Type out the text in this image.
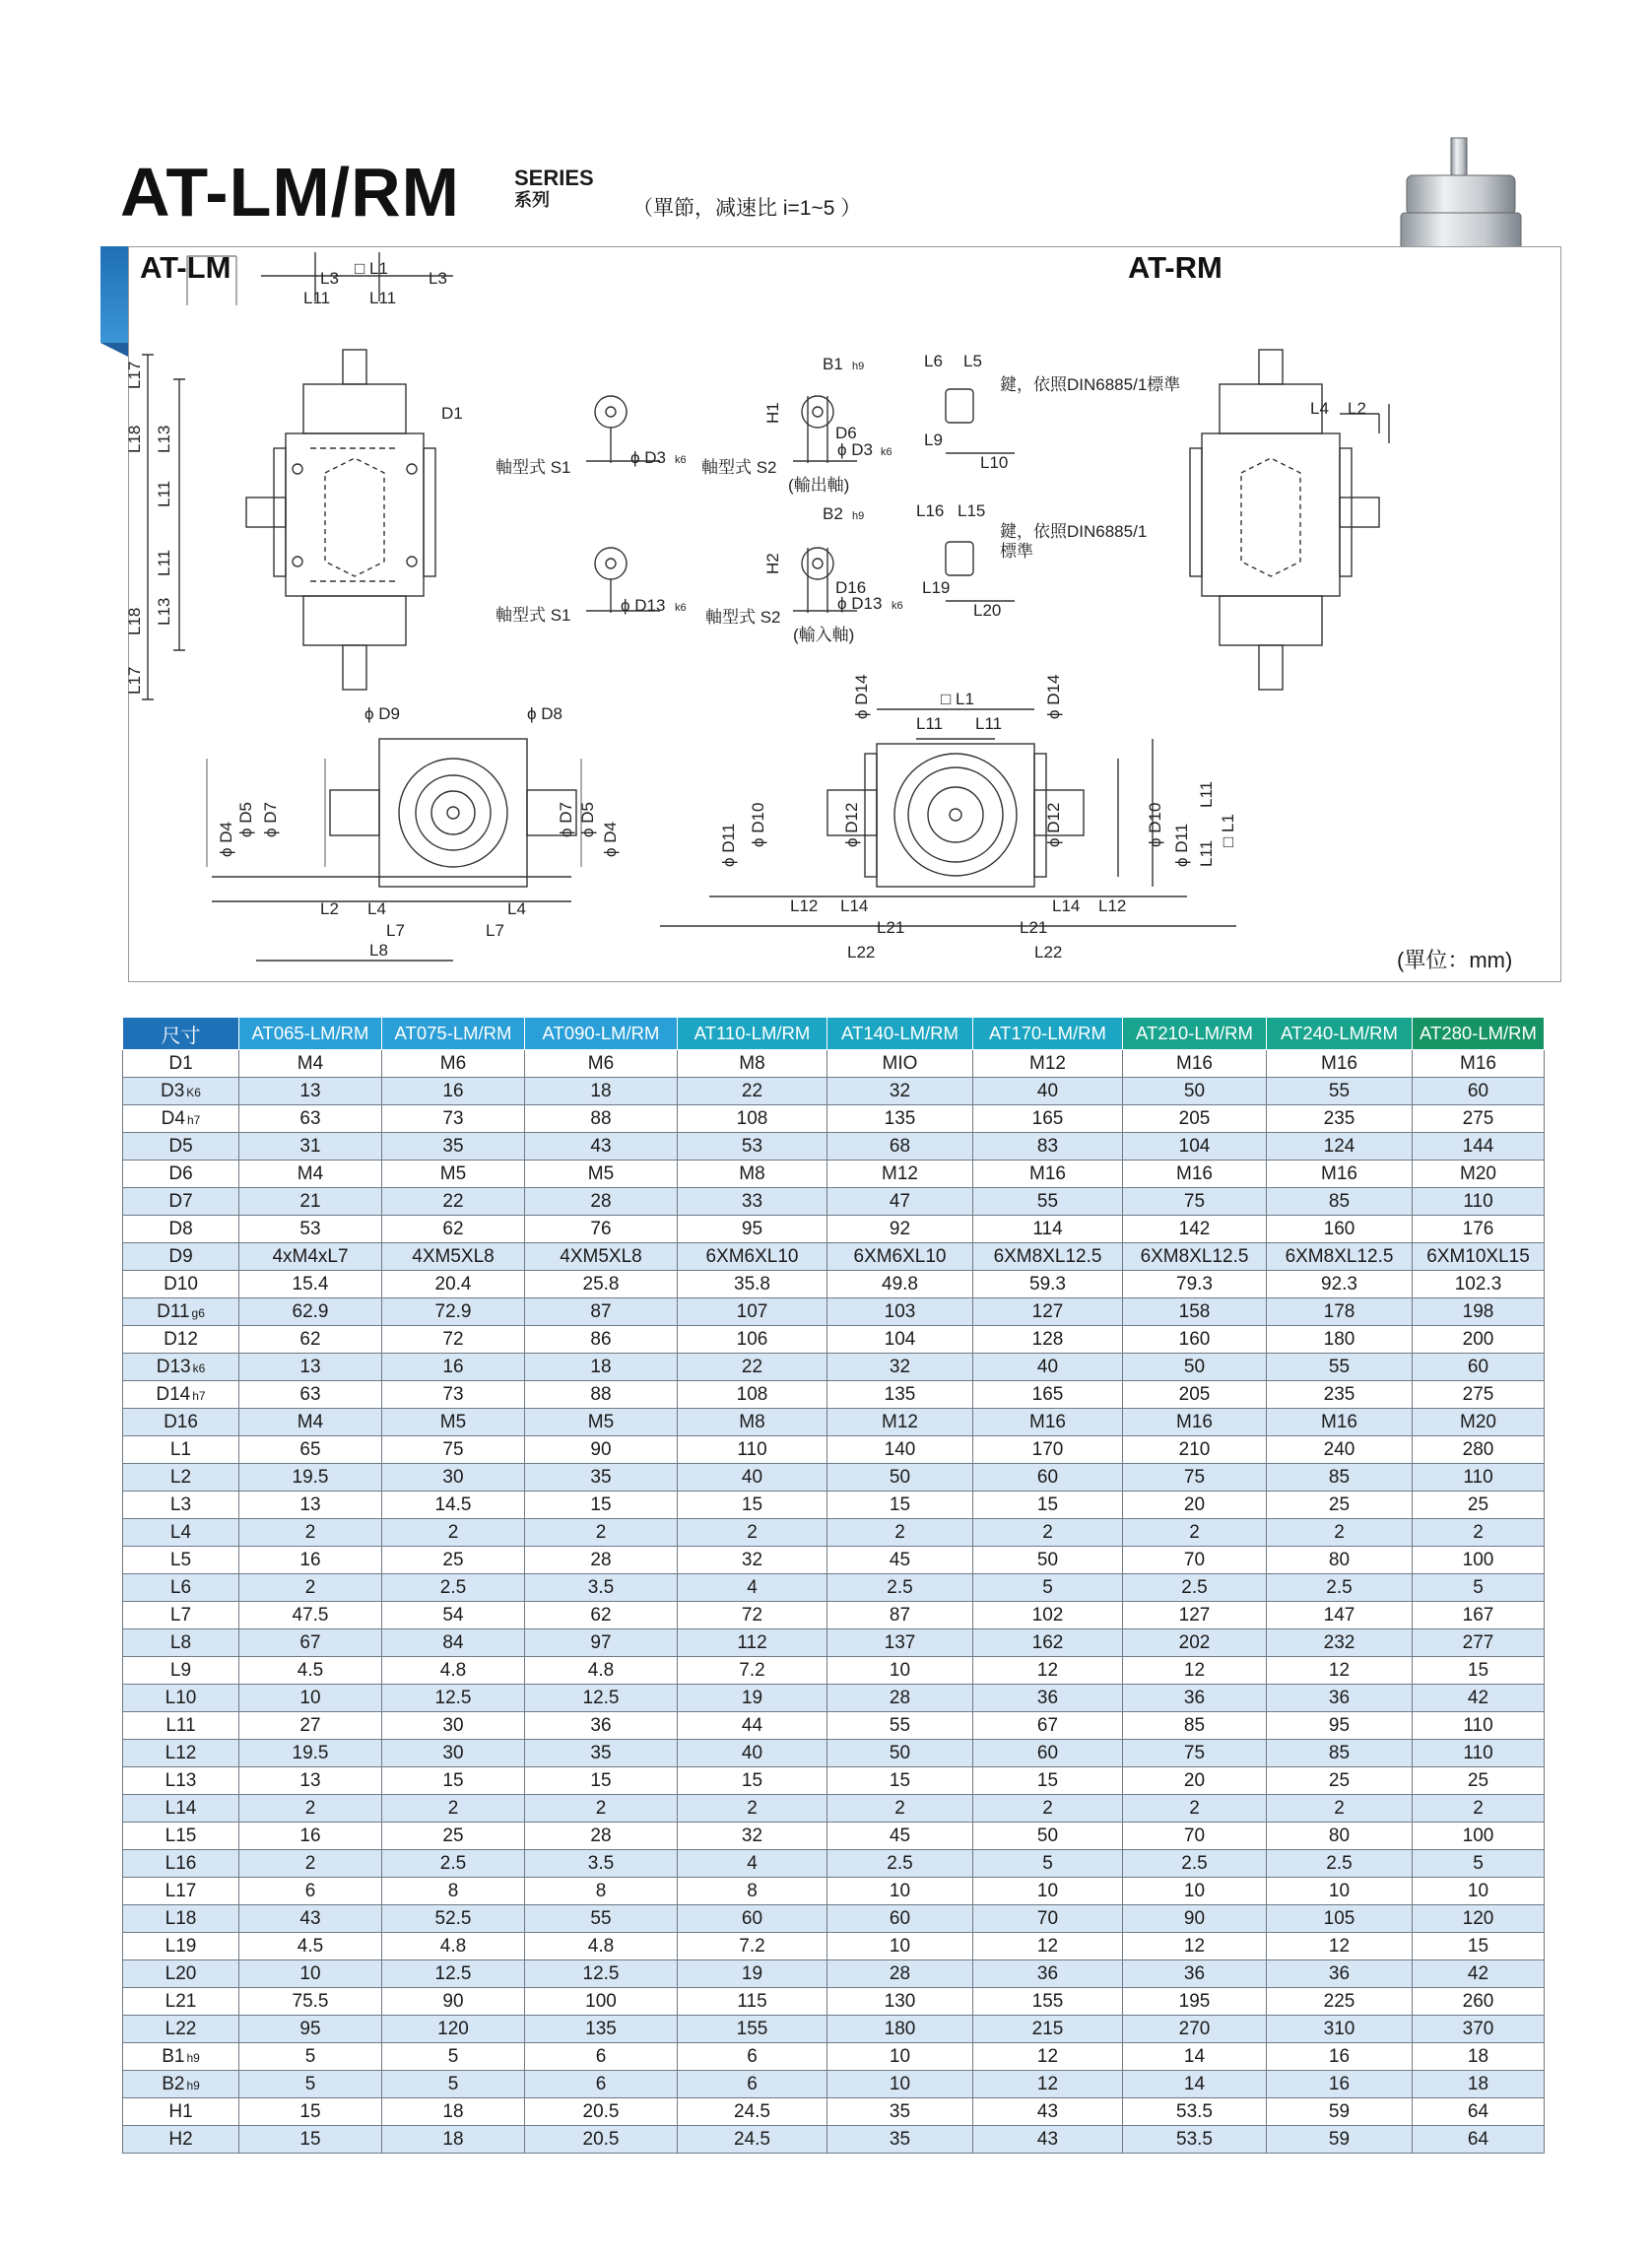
AT-LM/RM	SERIES
系列	（單節，减速比 i=1~5 ）
L3
□ L1
L3
L11 L11
L17
L18 L13
L11
L11
L13
L18
L17
D1
軸型式 S1
ϕ D3 k6 軸型式 S2
(輸出軸)
ϕ D3 k6
D6
B1 h9
H1
軸型式 S1
ϕ D13 k6 軸型式 S2
(輸入軸)
ϕ D13 k6
D16
B2 h9
H2
L6 L5
鍵，依照DIN6885/1標準
L9
L10
L16 L15
鍵，依照DIN6885/1
標準
L19
L20
L4 L2
ϕ D9	ϕ D8
ϕ D4
ϕ D5 ϕ D7	ϕ D7 ϕ D5
ϕ D4
L2 L4	L4
L7	L7
L8
□ L1
L11 L11
ϕ D14	ϕ D14
ϕ D11 ϕ D10	ϕ D12	ϕ D12	ϕ D10 ϕ D11
L11
L11
□ L1
L12 L14	L14 L12
L21	L21
L22	L22
AT-LM	AT-RM
(單位：mm)
尺寸	AT065-LM/RM	AT075-LM/RM	AT090-LM/RM	AT110-LM/RM	AT140-LM/RM	AT170-LM/RM	AT210-LM/RM	AT240-LM/RM	AT280-LM/RM
D1	M4	M6	M6	M8	MIO	M12	M16	M16	M16
D3 K6	13	16	18	22	32	40	50	55	60
D4 h7	63	73	88	108	135	165	205	235	275
D5	31	35	43	53	68	83	104	124	144
D6	M4	M5	M5	M8	M12	M16	M16	M16	M20
D7	21	22	28	33	47	55	75	85	110
D8	53	62	76	95	92	114	142	160	176
D9	4xM4xL7	4XM5XL8	4XM5XL8	6XM6XL10	6XM6XL10	6XM8XL12.5	6XM8XL12.5	6XM8XL12.5	6XM10XL15
D10	15.4	20.4	25.8	35.8	49.8	59.3	79.3	92.3	102.3
D11 g6	62.9	72.9	87	107	103	127	158	178	198
D12	62	72	86	106	104	128	160	180	200
D13 k6	13	16	18	22	32	40	50	55	60
D14 h7	63	73	88	108	135	165	205	235	275
D16	M4	M5	M5	M8	M12	M16	M16	M16	M20
L1	65	75	90	110	140	170	210	240	280
L2	19.5	30	35	40	50	60	75	85	110
L3	13	14.5	15	15	15	15	20	25	25
L4	2	2	2	2	2	2	2	2	2
L5	16	25	28	32	45	50	70	80	100
L6	2	2.5	3.5	4	2.5	5	2.5	2.5	5
L7	47.5	54	62	72	87	102	127	147	167
L8	67	84	97	112	137	162	202	232	277
L9	4.5	4.8	4.8	7.2	10	12	12	12	15
L10	10	12.5	12.5	19	28	36	36	36	42
L11	27	30	36	44	55	67	85	95	110
L12	19.5	30	35	40	50	60	75	85	110
L13	13	15	15	15	15	15	20	25	25
L14	2	2	2	2	2	2	2	2	2
L15	16	25	28	32	45	50	70	80	100
L16	2	2.5	3.5	4	2.5	5	2.5	2.5	5
L17	6	8	8	8	10	10	10	10	10
L18	43	52.5	55	60	60	70	90	105	120
L19	4.5	4.8	4.8	7.2	10	12	12	12	15
L20	10	12.5	12.5	19	28	36	36	36	42
L21	75.5	90	100	115	130	155	195	225	260
L22	95	120	135	155	180	215	270	310	370
B1 h9	5	5	6	6	10	12	14	16	18
B2 h9	5	5	6	6	10	12	14	16	18
H1	15	18	20.5	24.5	35	43	53.5	59	64
H2	15	18	20.5	24.5	35	43	53.5	59	64
